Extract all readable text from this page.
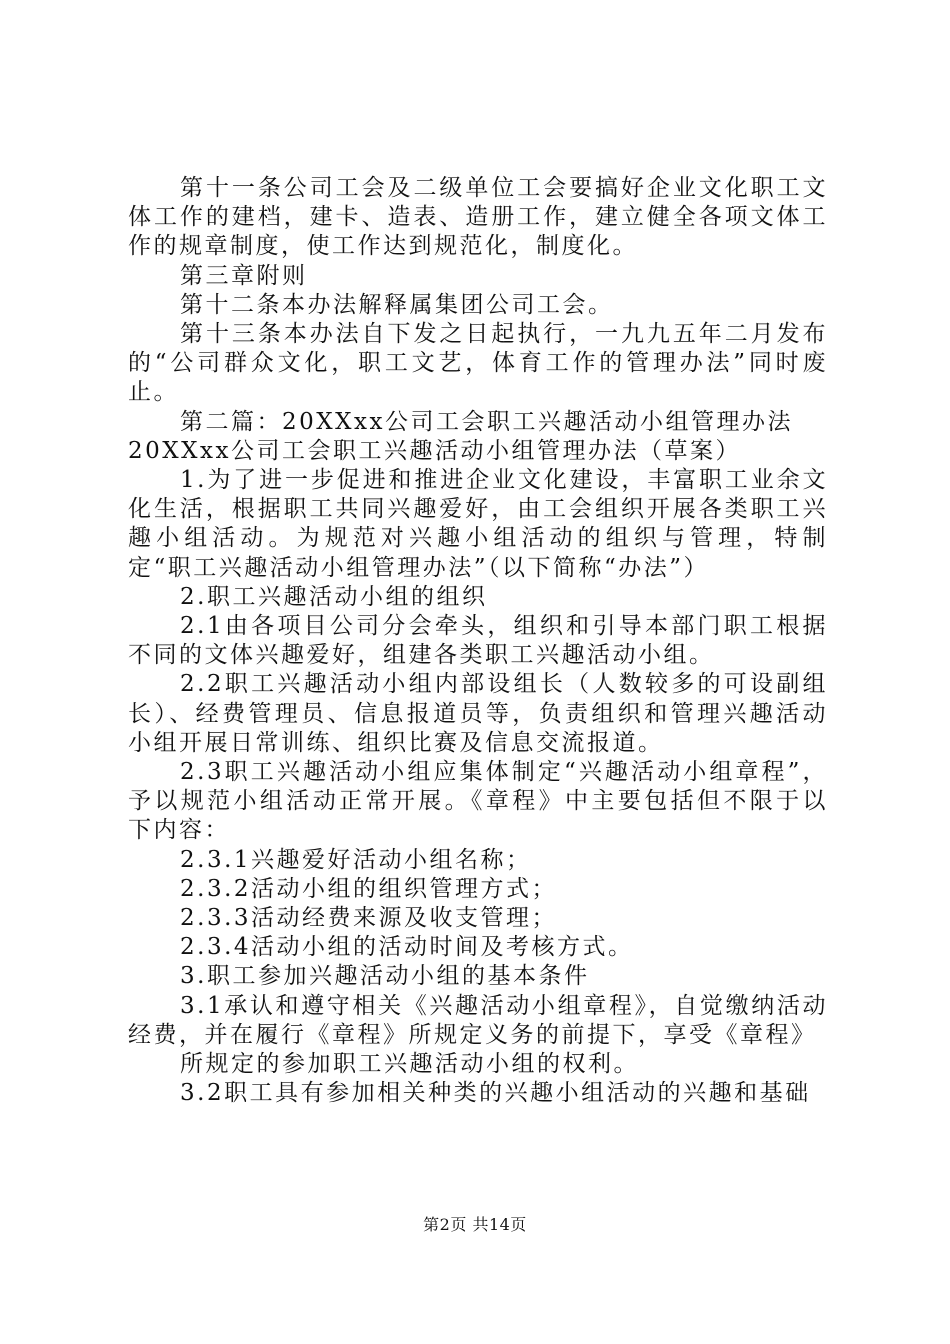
第十一条公司工会及二级单位工会要搞好企业文化职工文体工作的建档，建卡、造表、造册工作，建立健全各项文体工作的规章制度，使工作达到规范化，制度化。

第三章附则

第十二条本办法解释属集团公司工会。

第十三条本办法自下发之日起执行，一九九五年二月发布的“公司群众文化，职工文艺，体育工作的管理办法”同时废止。

第二篇：20XXxx公司工会职工兴趣活动小组管理办法

20XXxx公司工会职工兴趣活动小组管理办法（草案）

1.为了进一步促进和推进企业文化建设，丰富职工业余文化生活，根据职工共同兴趣爱好，由工会组织开展各类职工兴趣小组活动。为规范对兴趣小组活动的组织与管理，特制定“职工兴趣活动小组管理办法”（以下简称“办法”）

2.职工兴趣活动小组的组织

2.1由各项目公司分会牵头，组织和引导本部门职工根据不同的文体兴趣爱好，组建各类职工兴趣活动小组。

2.2职工兴趣活动小组内部设组长（人数较多的可设副组长）、经费管理员、信息报道员等，负责组织和管理兴趣活动小组开展日常训练、组织比赛及信息交流报道。

2.3职工兴趣活动小组应集体制定“兴趣活动小组章程”，予以规范小组活动正常开展。《章程》中主要包括但不限于以下内容：

2.3.1兴趣爱好活动小组名称；

2.3.2活动小组的组织管理方式；

2.3.3活动经费来源及收支管理；

2.3.4活动小组的活动时间及考核方式。

3.职工参加兴趣活动小组的基本条件

3.1承认和遵守相关《兴趣活动小组章程》，自觉缴纳活动经费，并在履行《章程》所规定义务的前提下，享受《章程》

所规定的参加职工兴趣活动小组的权利。

3.2职工具有参加相关种类的兴趣小组活动的兴趣和基础

第2页 共14页
